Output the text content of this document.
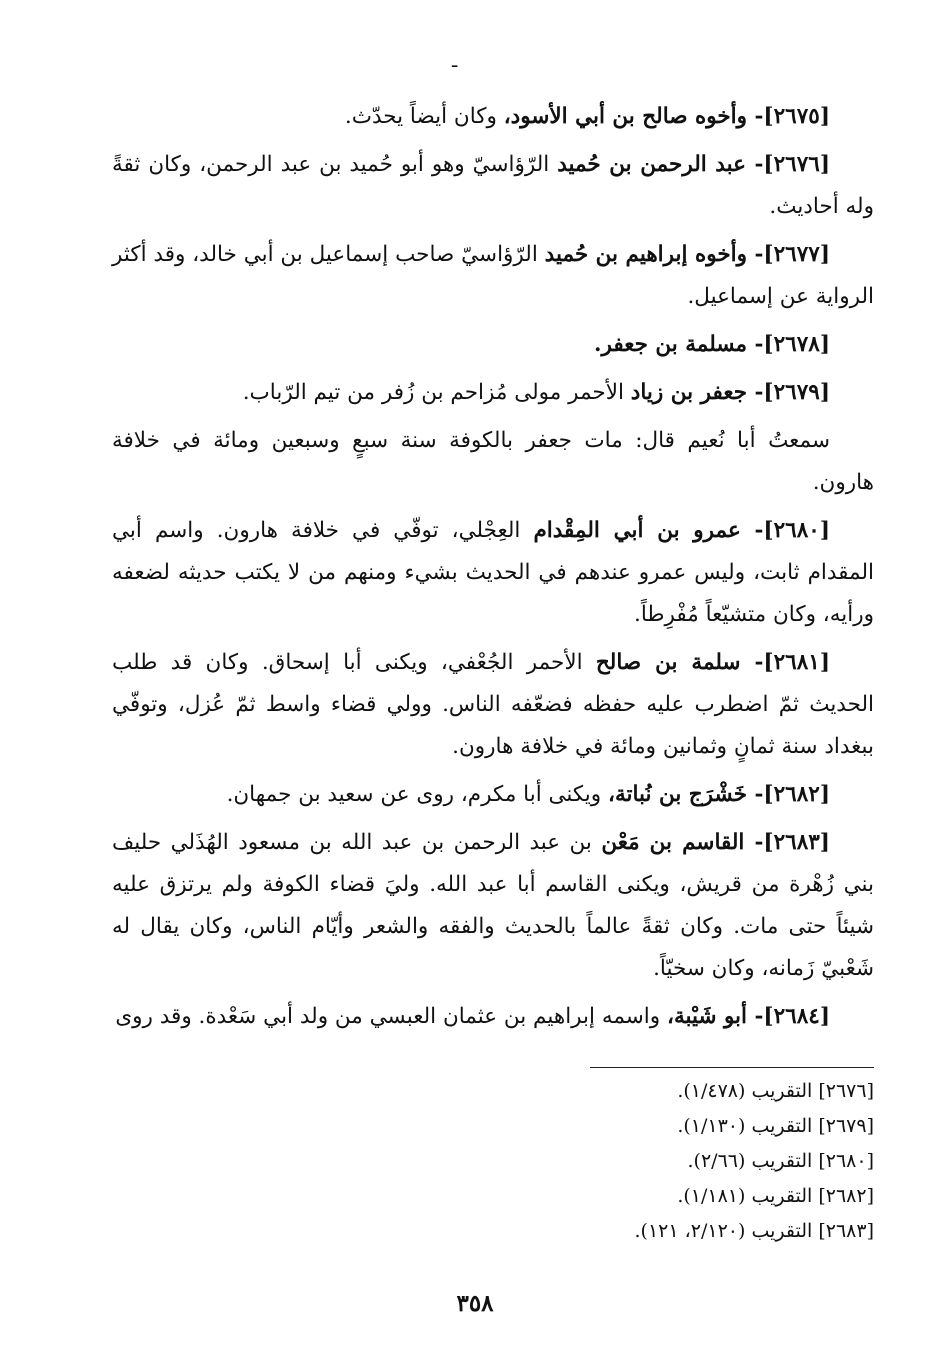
ـ

[٢٦٧٥]- وأخوه صالح بن أبي الأسود، وكان أيضاً يحدّث.

[٢٦٧٦]- عبد الرحمن بن حُميد الرّؤاسيّ وهو أبو حُميد بن عبد الرحمن، وكان ثقةً وله أحاديث.

[٢٦٧٧]- وأخوه إبراهيم بن حُميد الرّؤاسيّ صاحب إسماعيل بن أبي خالد، وقد أكثر الرواية عن إسماعيل.

[٢٦٧٨]- مسلمة بن جعفر.

[٢٦٧٩]- جعفر بن زياد الأحمر مولى مُزاحم بن زُفر من تيم الرّباب.

سمعتُ أبا نُعيم قال: مات جعفر بالكوفة سنة سبعٍ وسبعين ومائة في خلافة هارون.

[٢٦٨٠]- عمرو بن أبي المِقْدام العِجْلي، توفّي في خلافة هارون. واسم أبي المقدام ثابت، وليس عمرو عندهم في الحديث بشيء ومنهم من لا يكتب حديثه لضعفه ورأيه، وكان متشيّعاً مُفْرِطاً.

[٢٦٨١]- سلمة بن صالح الأحمر الجُعْفي، ويكنى أبا إسحاق. وكان قد طلب الحديث ثمّ اضطرب عليه حفظه فضعّفه الناس. وولي قضاء واسط ثمّ عُزل، وتوفّي ببغداد سنة ثمانٍ وثمانين ومائة في خلافة هارون.

[٢٦٨٢]- خَشْرَج بن نُباتة، ويكنى أبا مكرم، روى عن سعيد بن جمهان.

[٢٦٨٣]- القاسم بن مَعْن بن عبد الرحمن بن عبد الله بن مسعود الهُذَلي حليف بني زُهْرة من قريش، ويكنى القاسم أبا عبد الله. وليَ قضاء الكوفة ولم يرتزق عليه شيئاً حتى مات. وكان ثقةً عالماً بالحديث والفقه والشعر وأيّام الناس، وكان يقال له شَعْبيّ زَمانه، وكان سخيّاً.

[٢٦٨٤]- أبو شَيْبة، واسمه إبراهيم بن عثمان العبسي من ولد أبي سَعْدة. وقد روى

[٢٦٧٦] التقريب (١/٤٧٨).
[٢٦٧٩] التقريب (١/١٣٠).
[٢٦٨٠] التقريب (٢/٦٦).
[٢٦٨٢] التقريب (١/١٨١).
[٢٦٨٣] التقريب (٢/١٢٠، ١٢١).
٣٥٨
